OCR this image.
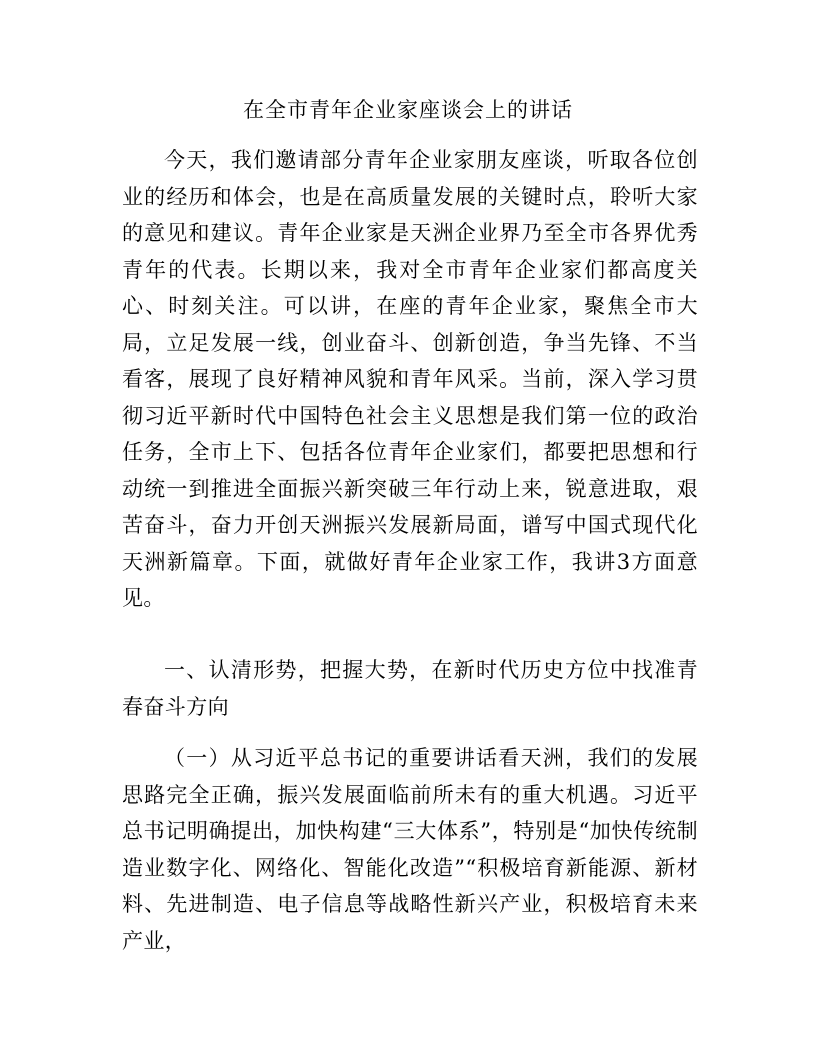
在全市青年企业家座谈会上的讲话

今天，我们邀请部分青年企业家朋友座谈，听取各位创业的经历和体会，也是在高质量发展的关键时点，聆听大家的意见和建议。青年企业家是天洲企业界乃至全市各界优秀青年的代表。长期以来，我对全市青年企业家们都高度关心、时刻关注。可以讲，在座的青年企业家，聚焦全市大局，立足发展一线，创业奋斗、创新创造，争当先锋、不当看客，展现了良好精神风貌和青年风采。当前，深入学习贯彻习近平新时代中国特色社会主义思想是我们第一位的政治任务，全市上下、包括各位青年企业家们，都要把思想和行动统一到推进全面振兴新突破三年行动上来，锐意进取，艰苦奋斗，奋力开创天洲振兴发展新局面，谱写中国式现代化天洲新篇章。下面，就做好青年企业家工作，我讲3方面意见。

一、认清形势，把握大势，在新时代历史方位中找准青春奋斗方向

（一）从习近平总书记的重要讲话看天洲，我们的发展思路完全正确，振兴发展面临前所未有的重大机遇。习近平总书记明确提出，加快构建“三大体系”，特别是“加快传统制造业数字化、网络化、智能化改造”“积极培育新能源、新材料、先进制造、电子信息等战略性新兴产业，积极培育未来产业，
